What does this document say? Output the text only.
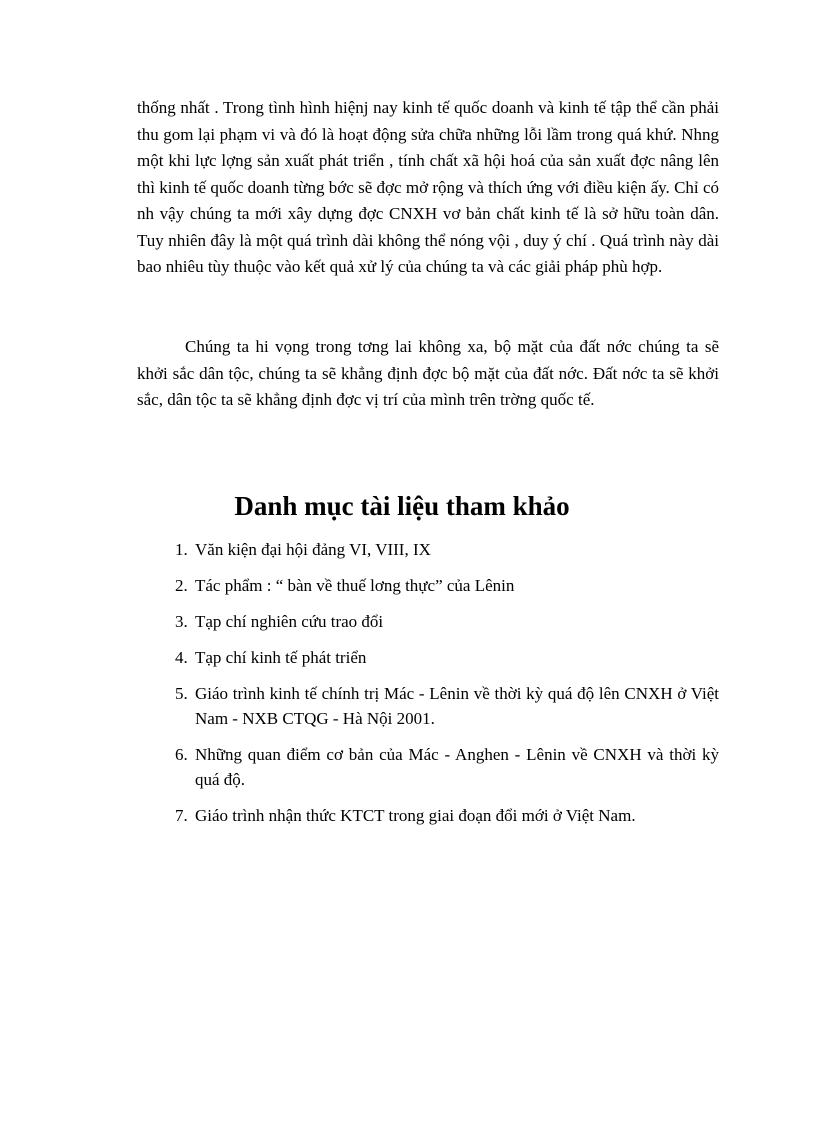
thống nhất . Trong tình hình hiệnj nay kinh tế quốc doanh và kinh tế tập thể cần phải thu gom lại phạm vi và đó là hoạt động sửa chữa những lỗi lầm trong quá khứ. Nhng một khi lực lợng sản xuất phát triển , tính chất xã hội hoá của sản xuất đợc nâng lên thì kinh tế quốc doanh từng bớc sẽ đợc mở rộng và thích ứng với điều kiện ấy. Chỉ có nh vậy chúng ta mới xây dựng đợc CNXH vơ bản chất kinh tế là sở hữu toàn dân. Tuy nhiên đây là một quá trình dài không thể nóng vội , duy ý chí . Quá trình này dài bao nhiêu tùy thuộc vào kết quả xử lý của chúng ta và các giải pháp phù hợp.

Chúng ta hi vọng trong tơng lai không xa, bộ mặt của đất nớc chúng ta sẽ khởi sắc dân tộc, chúng ta sẽ khẳng định đợc bộ mặt của đất nớc. Đất nớc ta sẽ khởi sắc, dân tộc ta sẽ khẳng định đợc vị trí của mình trên trờng quốc tế.

Danh mục tài liệu tham khảo
1. Văn kiện đại hội đảng VI, VIII, IX
2. Tác phẩm : “ bàn về thuế lơng thực” của Lênin
3. Tạp chí nghiên cứu trao đổi
4. Tạp chí kinh tế phát triển
5. Giáo trình kinh tế chính trị Mác - Lênin về thời kỳ quá độ lên CNXH ở Việt Nam - NXB CTQG - Hà Nội 2001.
6. Những quan điểm cơ bản của Mác - Anghen - Lênin về CNXH và thời kỳ quá độ.
7. Giáo trình nhận thức KTCT trong giai đoạn đổi mới ở Việt Nam.
